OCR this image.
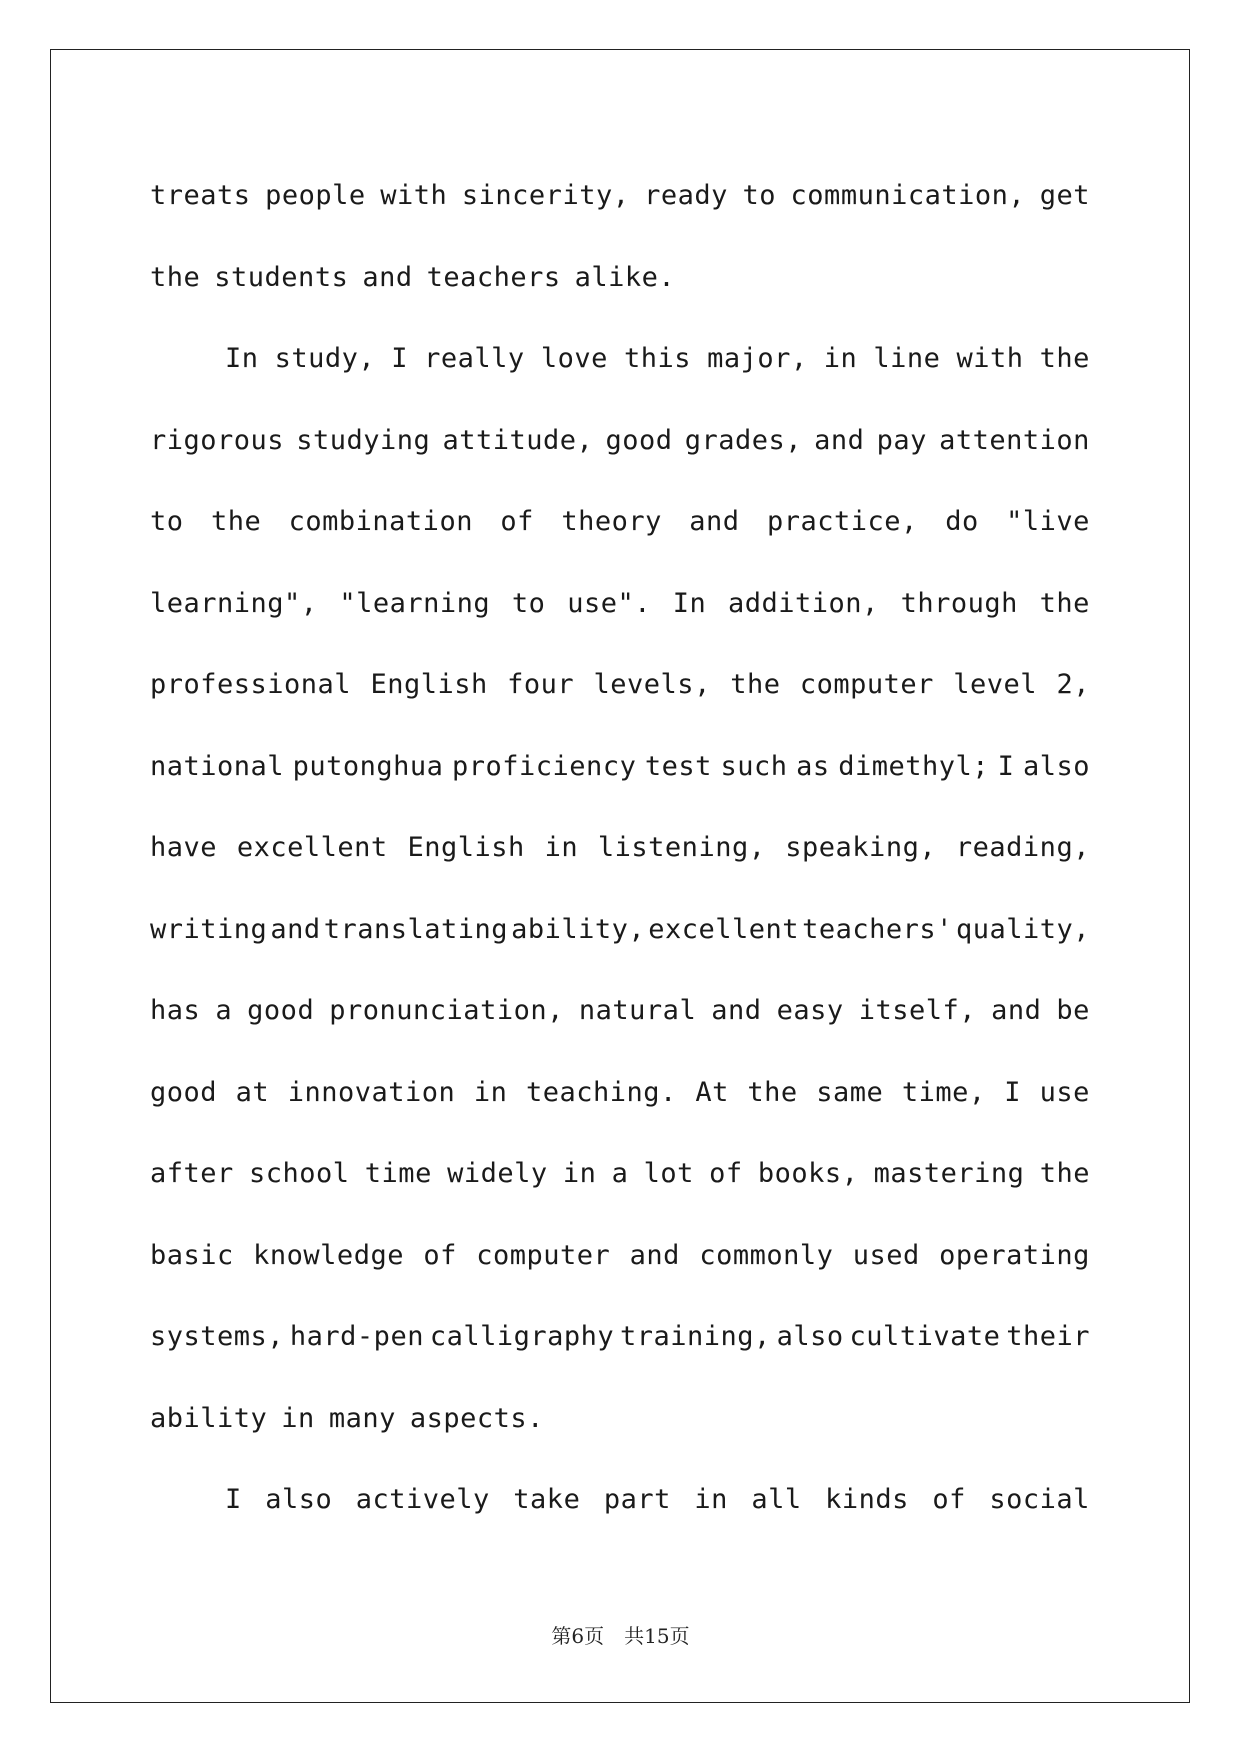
treats people with sincerity, ready to communication, get
the students and teachers alike.
In study, I really love this major, in line with the
rigorous studying attitude, good grades, and pay attention
to the combination of theory and practice, do "live
learning", "learning to use". In addition, through the
professional English four levels, the computer level 2,
national putonghua proficiency test such as dimethyl; I also
have excellent English in listening, speaking, reading,
writing and translating ability, excellent teachers' quality,
has a good pronunciation, natural and easy itself, and be
good at innovation in teaching. At the same time, I use
after school time widely in a lot of books, mastering the
basic knowledge of computer and commonly used operating
systems, hard-pen calligraphy training, also cultivate their
ability in many aspects.
I also actively take part in all kinds of social
第6页　共15页
